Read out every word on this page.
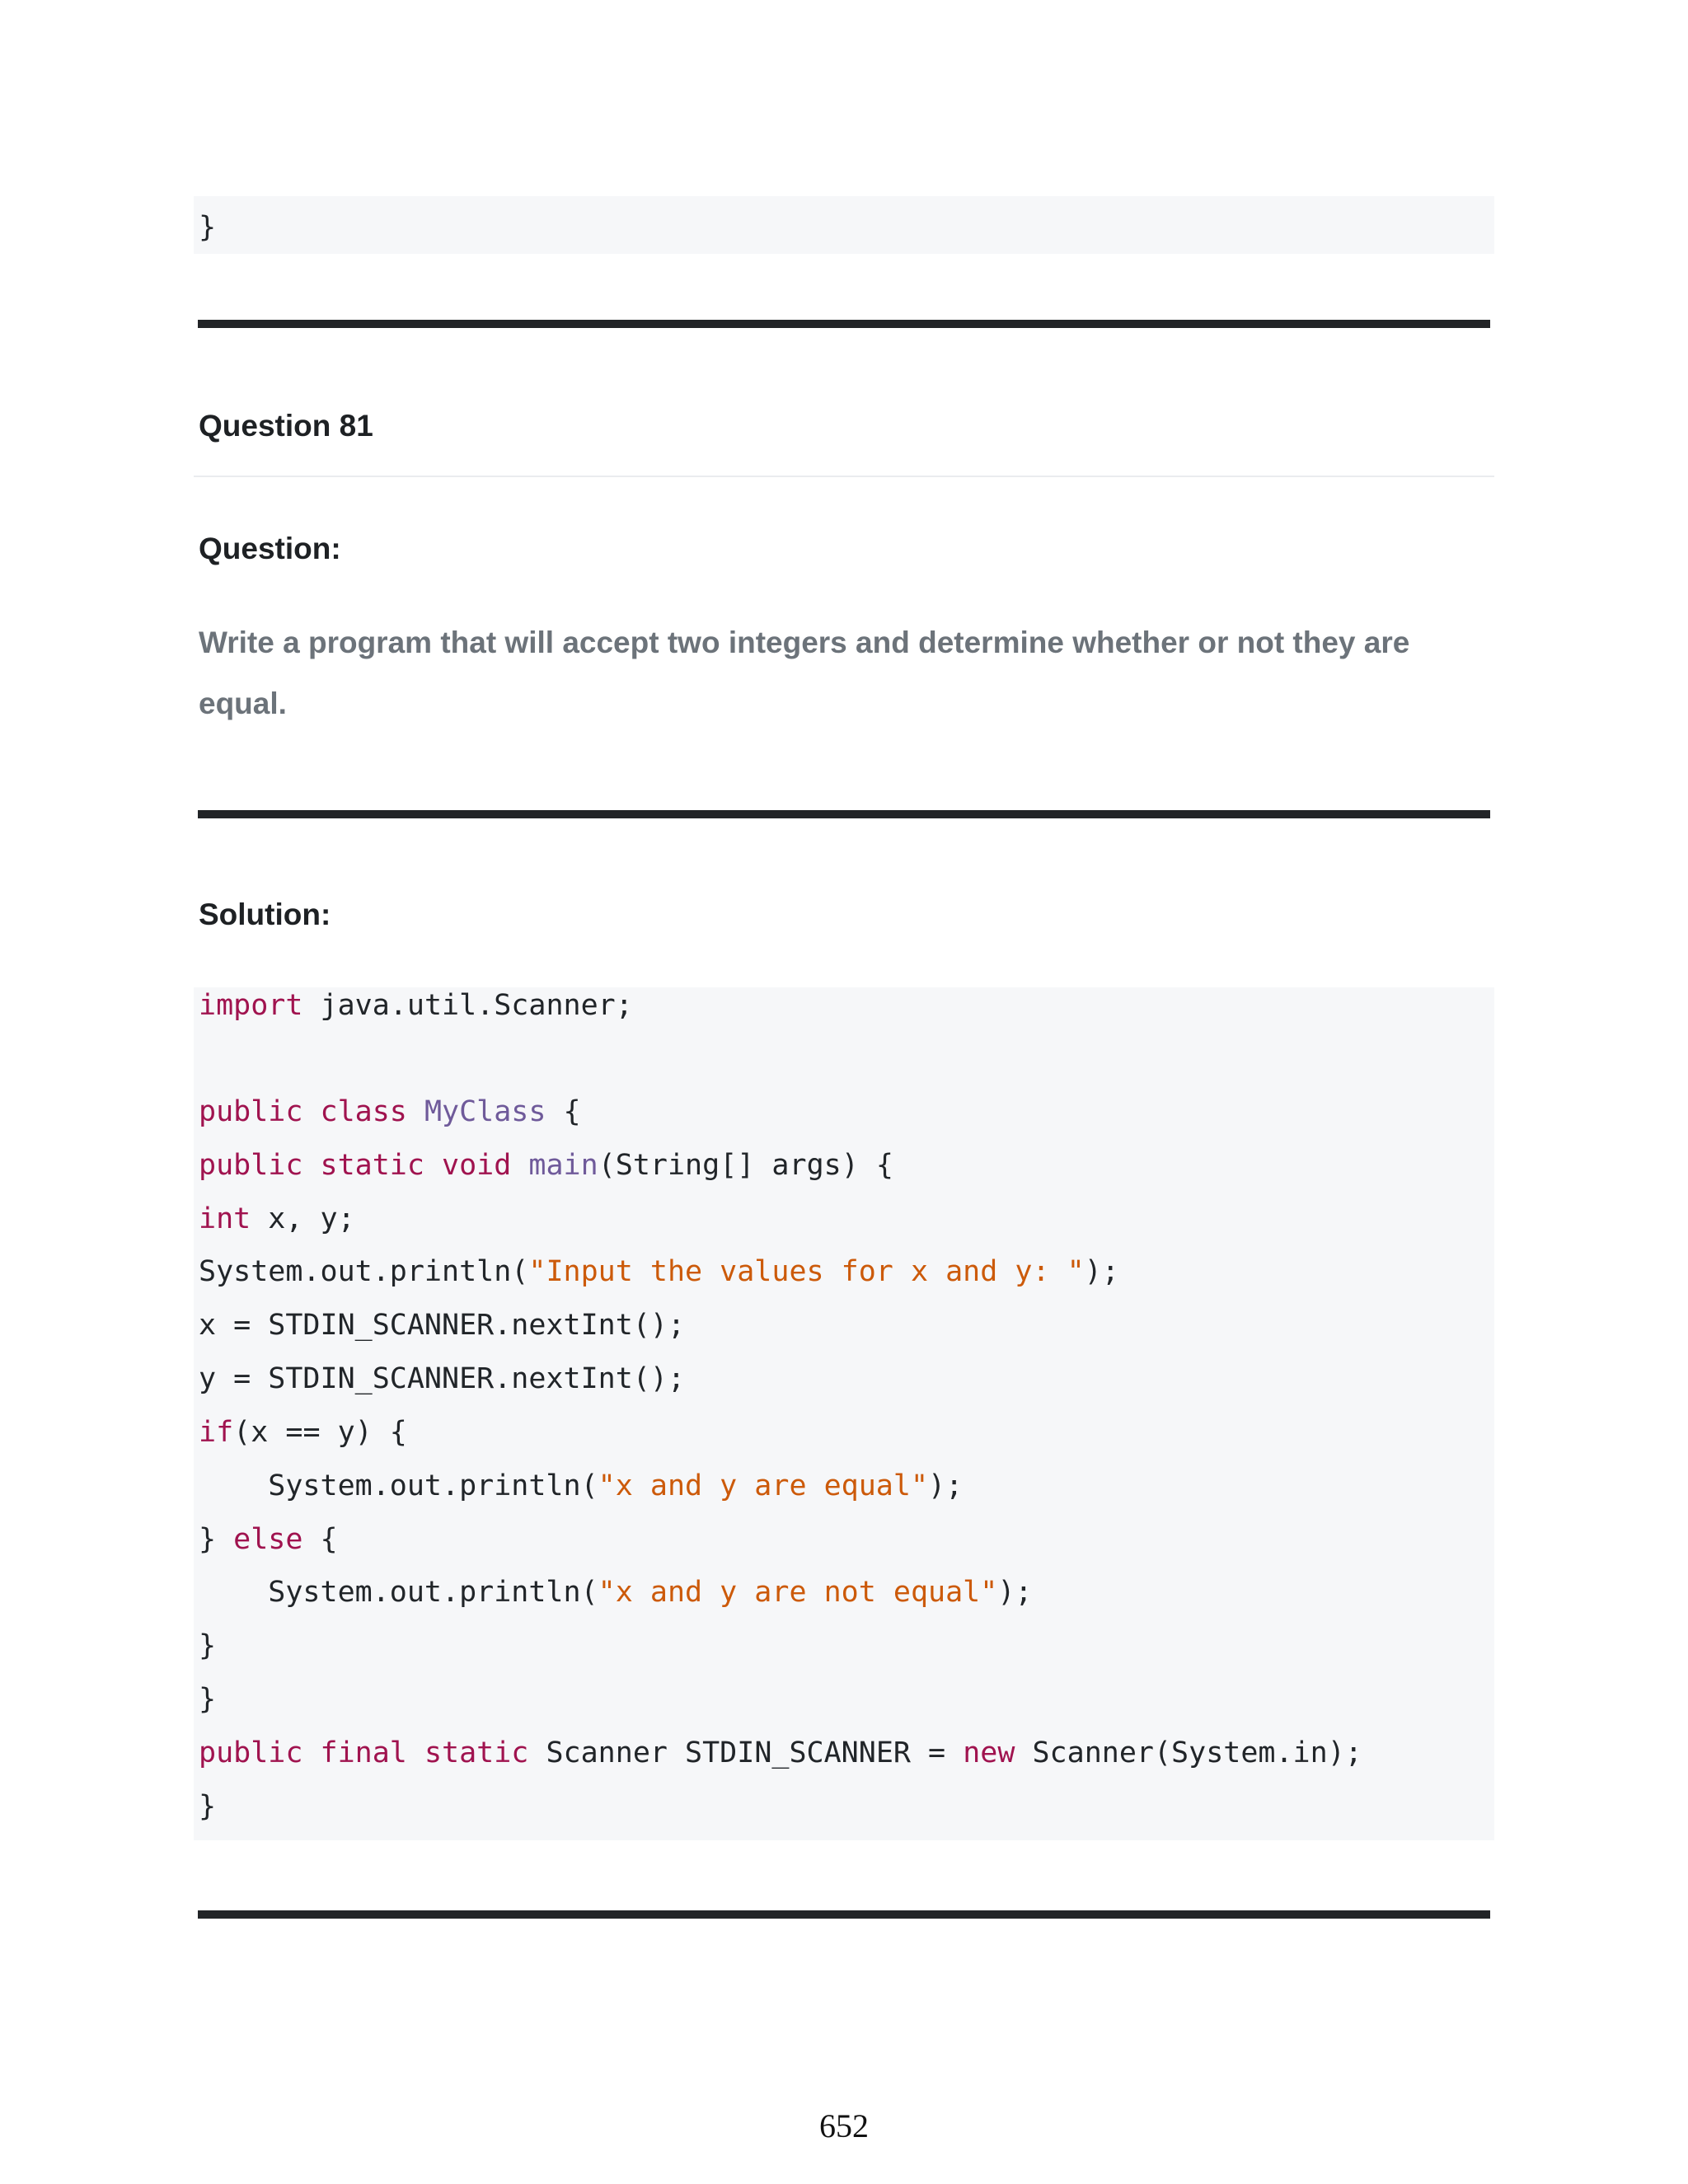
}
Question 81
Question:
Write a program that will accept two integers and determine whether or not they are equal.
Solution:
import java.util.Scanner;
public class MyClass {
public static void main(String[] args) {
int x, y;
System.out.println("Input the values for x and y: ");
x = STDIN_SCANNER.nextInt();
y = STDIN_SCANNER.nextInt();
if(x == y) {
System.out.println("x and y are equal");
} else {
System.out.println("x and y are not equal");
}
}
public final static Scanner STDIN_SCANNER = new Scanner(System.in);
}
652
